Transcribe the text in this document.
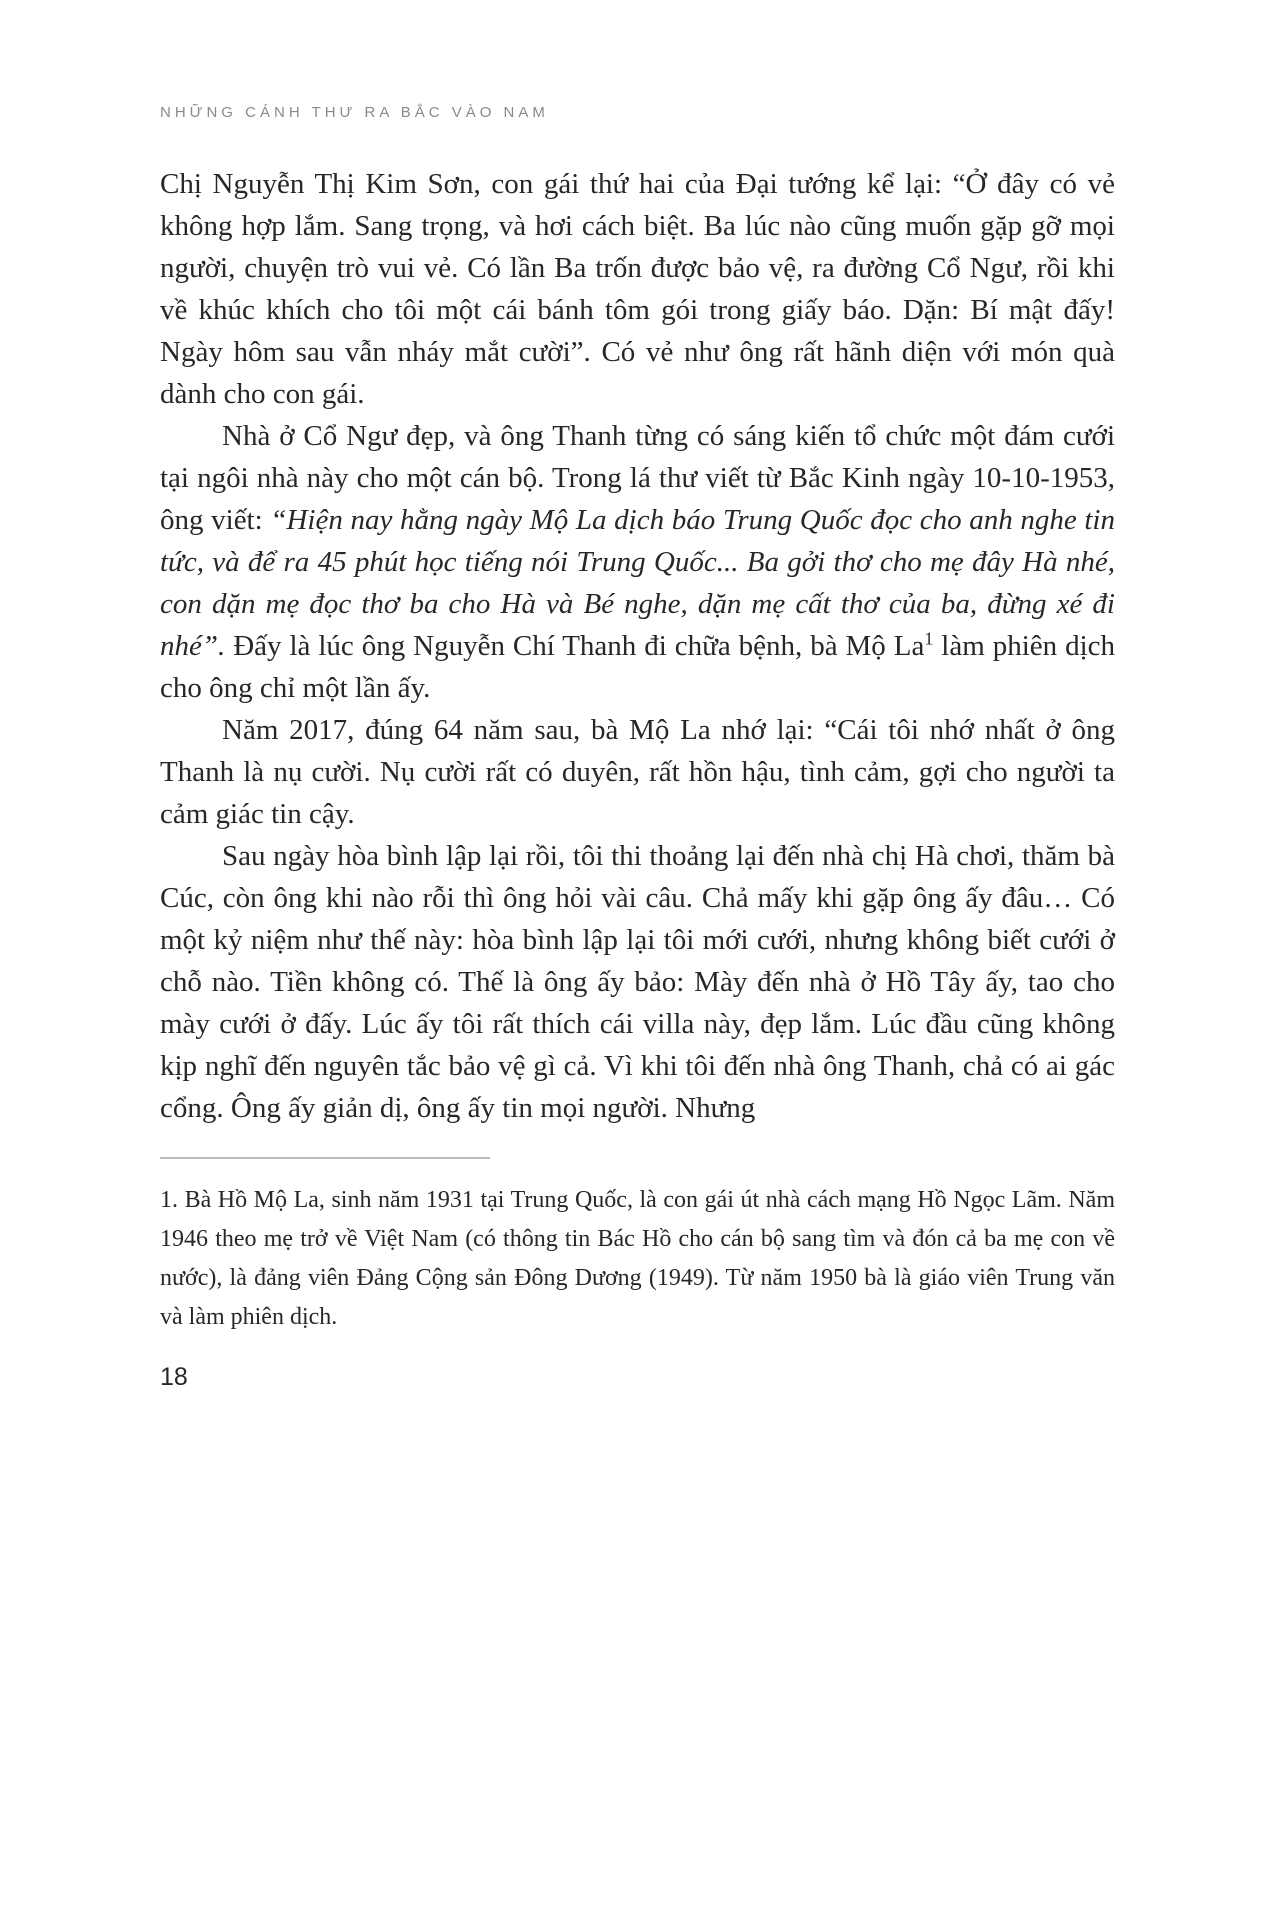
NHỮNG CÁNH THƯ RA BẮC VÀO NAM

Chị Nguyễn Thị Kim Sơn, con gái thứ hai của Đại tướng kể lại: “Ở đây có vẻ không hợp lắm. Sang trọng, và hơi cách biệt. Ba lúc nào cũng muốn gặp gỡ mọi người, chuyện trò vui vẻ. Có lần Ba trốn được bảo vệ, ra đường Cổ Ngư, rồi khi về khúc khích cho tôi một cái bánh tôm gói trong giấy báo. Dặn: Bí mật đấy! Ngày hôm sau vẫn nháy mắt cười”. Có vẻ như ông rất hãnh diện với món quà dành cho con gái.

Nhà ở Cổ Ngư đẹp, và ông Thanh từng có sáng kiến tổ chức một đám cưới tại ngôi nhà này cho một cán bộ. Trong lá thư viết từ Bắc Kinh ngày 10-10-1953, ông viết: “Hiện nay hằng ngày Mộ La dịch báo Trung Quốc đọc cho anh nghe tin tức, và để ra 45 phút học tiếng nói Trung Quốc... Ba gởi thơ cho mẹ đây Hà nhé, con dặn mẹ đọc thơ ba cho Hà và Bé nghe, dặn mẹ cất thơ của ba, đừng xé đi nhé”. Đấy là lúc ông Nguyễn Chí Thanh đi chữa bệnh, bà Mộ La$^1$ làm phiên dịch cho ông chỉ một lần ấy.

Năm 2017, đúng 64 năm sau, bà Mộ La nhớ lại: “Cái tôi nhớ nhất ở ông Thanh là nụ cười. Nụ cười rất có duyên, rất hồn hậu, tình cảm, gợi cho người ta cảm giác tin cậy.

Sau ngày hòa bình lập lại rồi, tôi thi thoảng lại đến nhà chị Hà chơi, thăm bà Cúc, còn ông khi nào rỗi thì ông hỏi vài câu. Chả mấy khi gặp ông ấy đâu… Có một kỷ niệm như thế này: hòa bình lập lại tôi mới cưới, nhưng không biết cưới ở chỗ nào. Tiền không có. Thế là ông ấy bảo: Mày đến nhà ở Hồ Tây ấy, tao cho mày cưới ở đấy. Lúc ấy tôi rất thích cái villa này, đẹp lắm. Lúc đầu cũng không kịp nghĩ đến nguyên tắc bảo vệ gì cả. Vì khi tôi đến nhà ông Thanh, chả có ai gác cổng. Ông ấy giản dị, ông ấy tin mọi người. Nhưng

1. Bà Hồ Mộ La, sinh năm 1931 tại Trung Quốc, là con gái út nhà cách mạng Hồ Ngọc Lãm. Năm 1946 theo mẹ trở về Việt Nam (có thông tin Bác Hồ cho cán bộ sang tìm và đón cả ba mẹ con về nước), là đảng viên Đảng Cộng sản Đông Dương (1949). Từ năm 1950 bà là giáo viên Trung văn và làm phiên dịch.

18
